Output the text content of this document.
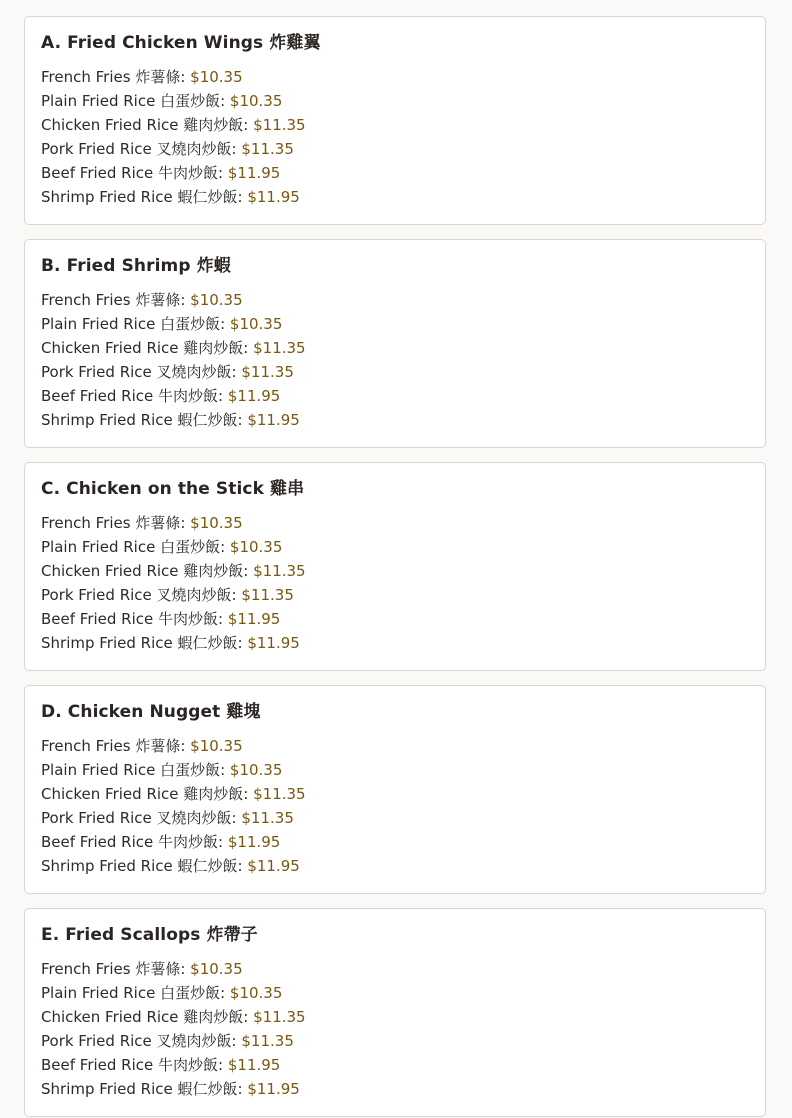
A. Fried Chicken Wings 炸雞翼
French Fries 炸薯條: $10.35
Plain Fried Rice 白蛋炒飯: $10.35
Chicken Fried Rice 雞肉炒飯: $11.35
Pork Fried Rice 叉燒肉炒飯: $11.35
Beef Fried Rice 牛肉炒飯: $11.95
Shrimp Fried Rice 蝦仁炒飯: $11.95
B. Fried Shrimp 炸蝦
French Fries 炸薯條: $10.35
Plain Fried Rice 白蛋炒飯: $10.35
Chicken Fried Rice 雞肉炒飯: $11.35
Pork Fried Rice 叉燒肉炒飯: $11.35
Beef Fried Rice 牛肉炒飯: $11.95
Shrimp Fried Rice 蝦仁炒飯: $11.95
C. Chicken on the Stick 雞串
French Fries 炸薯條: $10.35
Plain Fried Rice 白蛋炒飯: $10.35
Chicken Fried Rice 雞肉炒飯: $11.35
Pork Fried Rice 叉燒肉炒飯: $11.35
Beef Fried Rice 牛肉炒飯: $11.95
Shrimp Fried Rice 蝦仁炒飯: $11.95
D. Chicken Nugget 雞塊
French Fries 炸薯條: $10.35
Plain Fried Rice 白蛋炒飯: $10.35
Chicken Fried Rice 雞肉炒飯: $11.35
Pork Fried Rice 叉燒肉炒飯: $11.35
Beef Fried Rice 牛肉炒飯: $11.95
Shrimp Fried Rice 蝦仁炒飯: $11.95
E. Fried Scallops 炸帶子
French Fries 炸薯條: $10.35
Plain Fried Rice 白蛋炒飯: $10.35
Chicken Fried Rice 雞肉炒飯: $11.35
Pork Fried Rice 叉燒肉炒飯: $11.35
Beef Fried Rice 牛肉炒飯: $11.95
Shrimp Fried Rice 蝦仁炒飯: $11.95
